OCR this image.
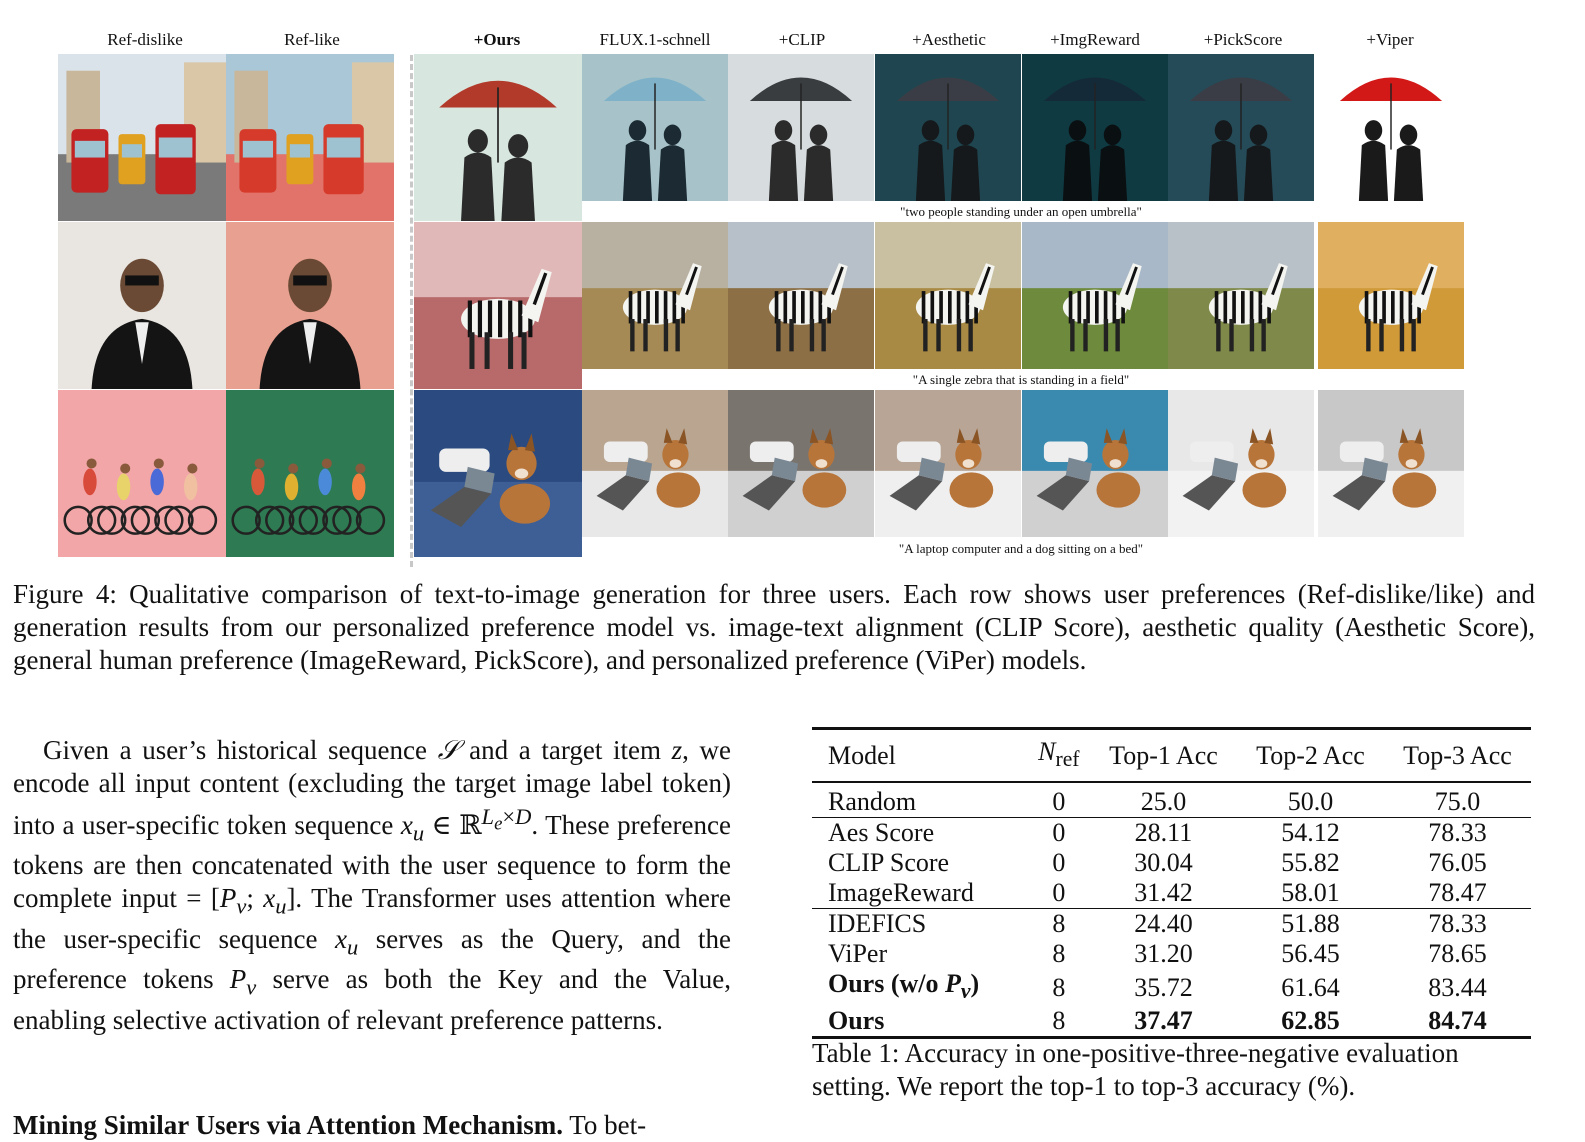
Ref-dislike	Ref-like	+Ours	FLUX.1-schnell	+CLIP	+Aesthetic	+ImgReward	+PickScore	+Viper
"two people standing under an open umbrella"
"A single zebra that is standing in a field"
"A laptop computer and a dog sitting on a bed"
Figure 4: Qualitative comparison of text-to-image generation for three users. Each row shows user preferences (Ref-dislike/like) and generation results from our personalized preference model vs. image-text alignment (CLIP Score), aesthetic quality (Aesthetic Score), general human preference (ImageReward, PickScore), and personalized preference (ViPer) models.

Given a user’s historical sequence 𝒮 and a target item z, we encode all input content (excluding the target image label token) into a user-specific token sequence $x_u$ ∈ ℝ$^{L_e\times D}$. These preference tokens are then concatenated with the user sequence to form the complete input = [$P_v$; $x_u$]. The Transformer uses attention where the user-specific sequence $x_u$ serves as the Query, and the preference tokens $P_v$ serve as both the Key and the Value, enabling selective activation of relevant preference patterns.

Mining Similar Users via Attention Mechanism. To bet-
Model	$N_{ref}$	Top-1 Acc	Top-2 Acc	Top-3 Acc
Random	0	25.0	50.0	75.0
Aes Score	0	28.11	54.12	78.33
CLIP Score	0	30.04	55.82	76.05
ImageReward	0	31.42	58.01	78.47
IDEFICS	8	24.40	51.88	78.33
ViPer	8	31.20	56.45	78.65
Ours (w/o $P_v$)	8	35.72	61.64	83.44
Ours	8	37.47	62.85	84.74
Table 1: Accuracy in one-positive-three-negative evaluation setting. We report the top-1 to top-3 accuracy (%).
